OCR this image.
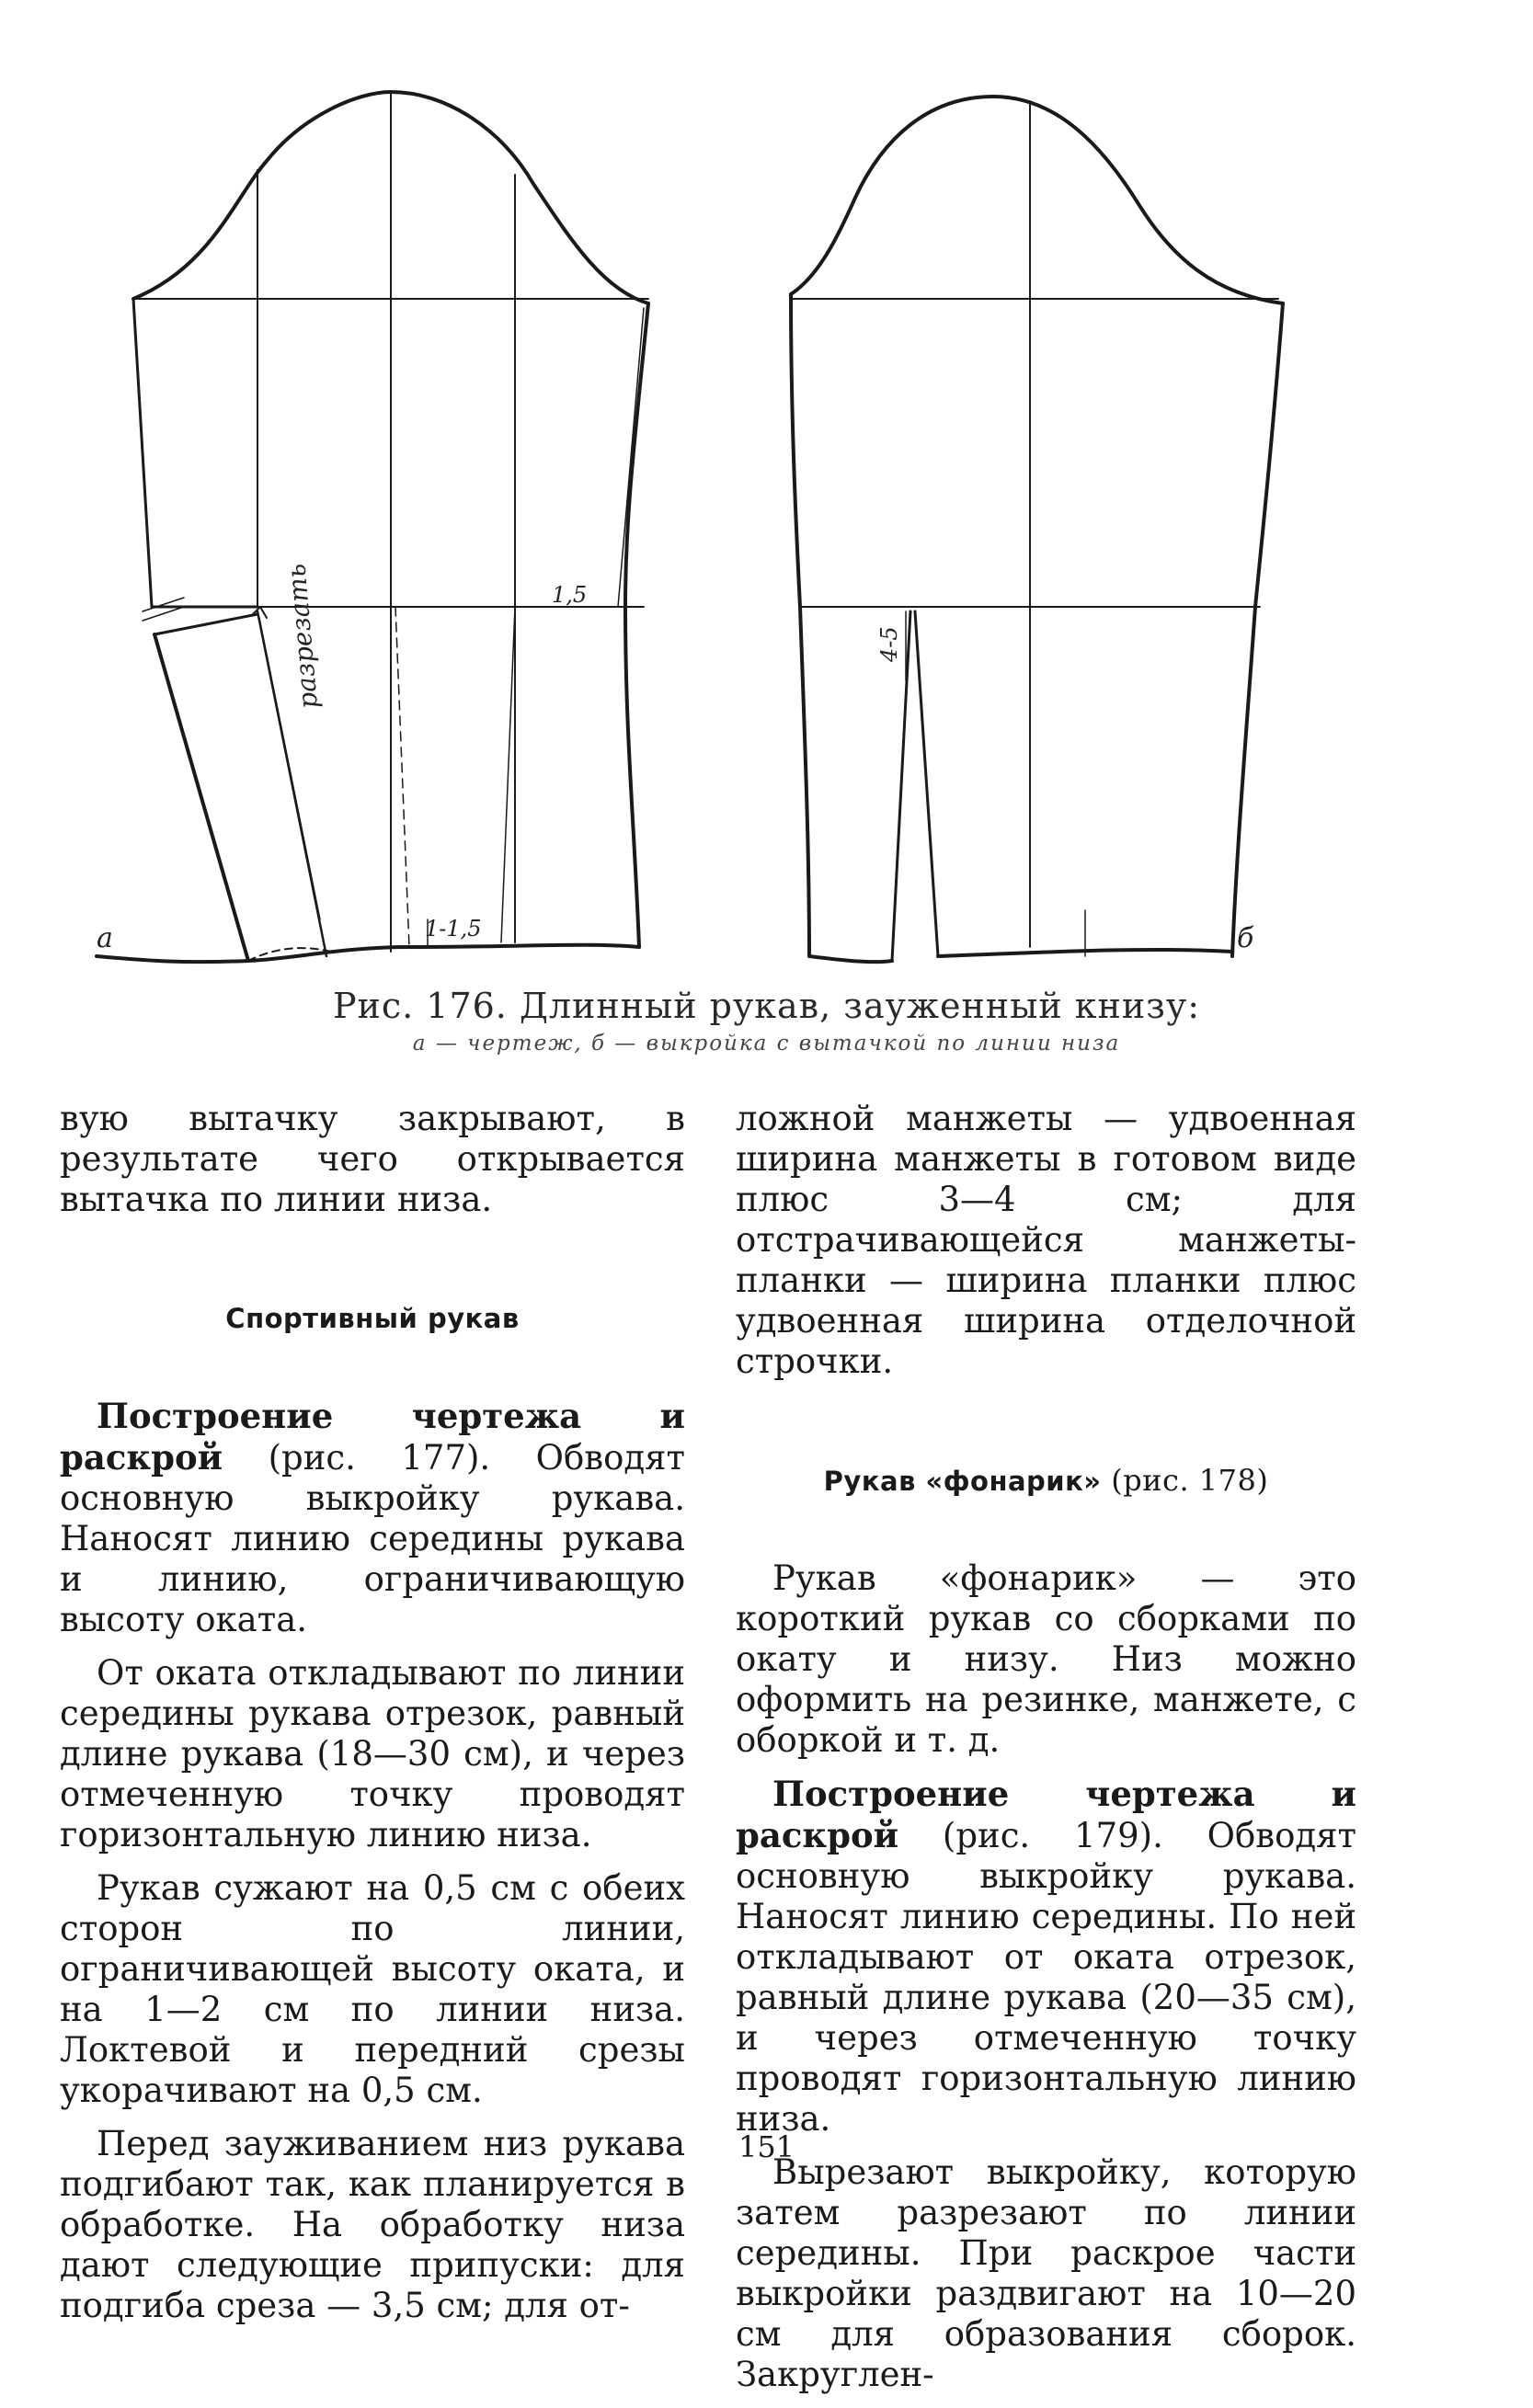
а	б
1,5
1-1,5
разрезать	4-5
Рис. 176. Длинный рукав, зауженный книзу:
а — чертеж, б — выкройка с вытачкой по линии низа

вую вытачку закрывают, в результате чего открывается вытачка по линии низа.

Спортивный рукав

Построение чертежа и раскрой (рис. 177). Обводят основную выкройку рукава. Наносят линию середины рукава и линию, ограничивающую высоту оката.

От оката откладывают по линии середины рукава отрезок, равный длине рукава (18—30 см), и через отмеченную точку проводят горизонтальную линию низа.

Рукав сужают на 0,5 см с обеих сторон по линии, ограничивающей высоту оката, и на 1—2 см по линии низа. Локтевой и передний срезы укорачивают на 0,5 см.

Перед зауживанием низ рукава подгибают так, как планируется в обработке. На обработку низа дают следующие припуски: для подгиба среза — 3,5 см; для от-

ложной манжеты — удвоенная ширина манжеты в готовом виде плюс 3—4 см; для отстрачивающейся манжеты-планки — ширина планки плюс удвоенная ширина отделочной строчки.

Рукав «фонарик» (рис. 178)

Рукав «фонарик» — это короткий рукав со сборками по окату и низу. Низ можно оформить на резинке, манжете, с оборкой и т. д.

Построение чертежа и раскрой (рис. 179). Обводят основную выкройку рукава. Наносят линию середины. По ней откладывают от оката отрезок, равный длине рукава (20—35 см), и через отмеченную точку проводят горизонтальную линию низа.

Вырезают выкройку, которую затем разрезают по линии середины. При раскрое части выкройки раздвигают на 10—20 см для образования сборок. Закруглен-

151
